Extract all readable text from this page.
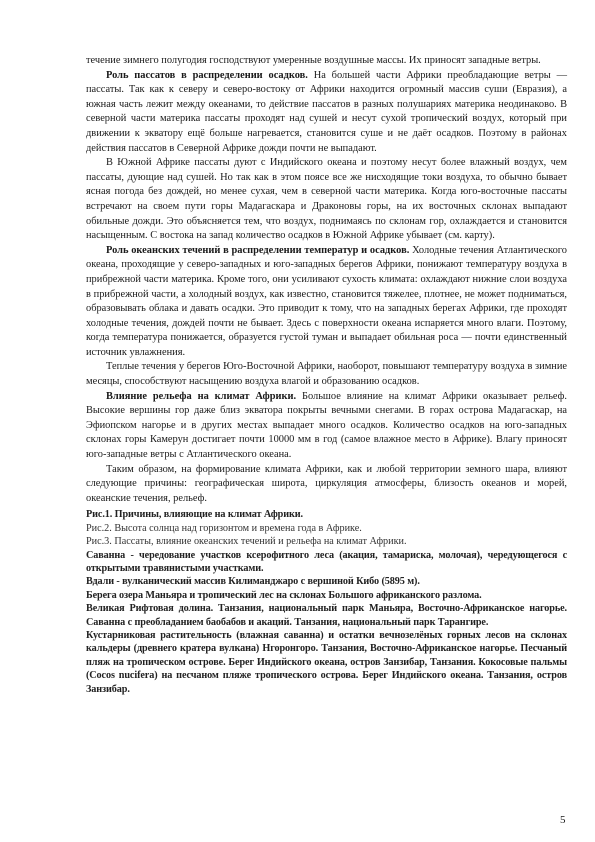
течение зимнего полугодия господствуют умеренные воздушные массы. Их приносят западные ветры.

Роль пассатов в распределении осадков. На большей части Африки преобладающие ветры — пассаты. Так как к северу и северо-востоку от Африки находится огромный массив суши (Евразия), а южная часть лежит между океанами, то действие пассатов в разных полушариях материка неодинаково. В северной части материка пассаты проходят над сушей и несут сухой тропический воздух, который при движении к экватору ещё больше нагревается, становится суше и не даёт осадков. Поэтому в районах действия пассатов в Северной Африке дожди почти не выпадают.

В Южной Африке пассаты дуют с Индийского океана и поэтому несут более влажный воздух, чем пассаты, дующие над сушей. Но так как в этом поясе все же нисходящие токи воздуха, то обычно бывает ясная погода без дождей, но менее сухая, чем в северной части материка. Когда юго-восточные пассаты встречают на своем пути горы Мадагаскара и Драконовы горы, на их восточных склонах выпадают обильные дожди. Это объясняется тем, что воздух, поднимаясь по склонам гор, охлаждается и становится насыщенным. С востока на запад количество осадков в Южной Африке убывает (см. карту).

Роль океанских течений в распределении температур и осадков. Холодные течения Атлантического океана, проходящие у северо-западных и юго-западных берегов Африки, понижают температуру воздуха в прибрежной части материка. Кроме того, они усиливают сухость климата: охлаждают нижние слои воздуха в прибрежной части, а холодный воздух, как известно, становится тяжелее, плотнее, не может подниматься, образовывать облака и давать осадки. Это приводит к тому, что на западных берегах Африки, где проходят холодные течения, дождей почти не бывает. Здесь с поверхности океана испаряется много влаги. Поэтому, когда температура понижается, образуется густой туман и выпадает обильная роса — почти единственный источник увлажнения.

Теплые течения у берегов Юго-Восточной Африки, наоборот, повышают температуру воздуха в зимние месяцы, способствуют насыщению воздуха влагой и образованию осадков.

Влияние рельефа на климат Африки. Большое влияние на климат Африки оказывает рельеф. Высокие вершины гор даже близ экватора покрыты вечными снегами. В горах острова Мадагаскар, на Эфиопском нагорье и в других местах выпадает много осадков. Количество осадков на юго-западных склонах горы Камерун достигает почти 10000 мм в год (самое влажное место в Африке). Влагу приносят юго-западные ветры с Атлантического океана.

Таким образом, на формирование климата Африки, как и любой территории земного шара, влияют следующие причины: географическая широта, циркуляция атмосферы, близость океанов и морей, океанские течения, рельеф.

Рис.1. Причины, влияющие на климат Африки.

Рис.2. Высота солнца над горизонтом и времена года в Африке.

Рис.3. Пассаты, влияние океанских течений и рельефа на климат Африки.

Саванна - чередование участков ксерофитного леса (акация, тамариска, молочая), чередующегося с открытыми травянистыми участками.

Вдали - вулканический массив Килиманджаро с вершиной Кибо (5895 м).

Берега озера Маньяра и тропический лес на склонах Большого африканского разлома.

Великая Рифтовая долина. Танзания, национальный парк Маньяра, Восточно-Африканское нагорье. Саванна с преобладанием баобабов и акаций. Танзания, национальный парк Тарангире.

Кустарниковая растительность (влажная саванна) и остатки вечнозелёных горных лесов на склонах кальдеры (древнего кратера вулкана) Нгоронгоро. Танзания, Восточно-Африканское нагорье. Песчаный пляж на тропическом острове. Берег Индийского океана, остров Занзибар, Танзания. Кокосовые пальмы (Cocos nucifera) на песчаном пляже тропического острова. Берег Индийского океана. Танзания, остров Занзибар.

5
